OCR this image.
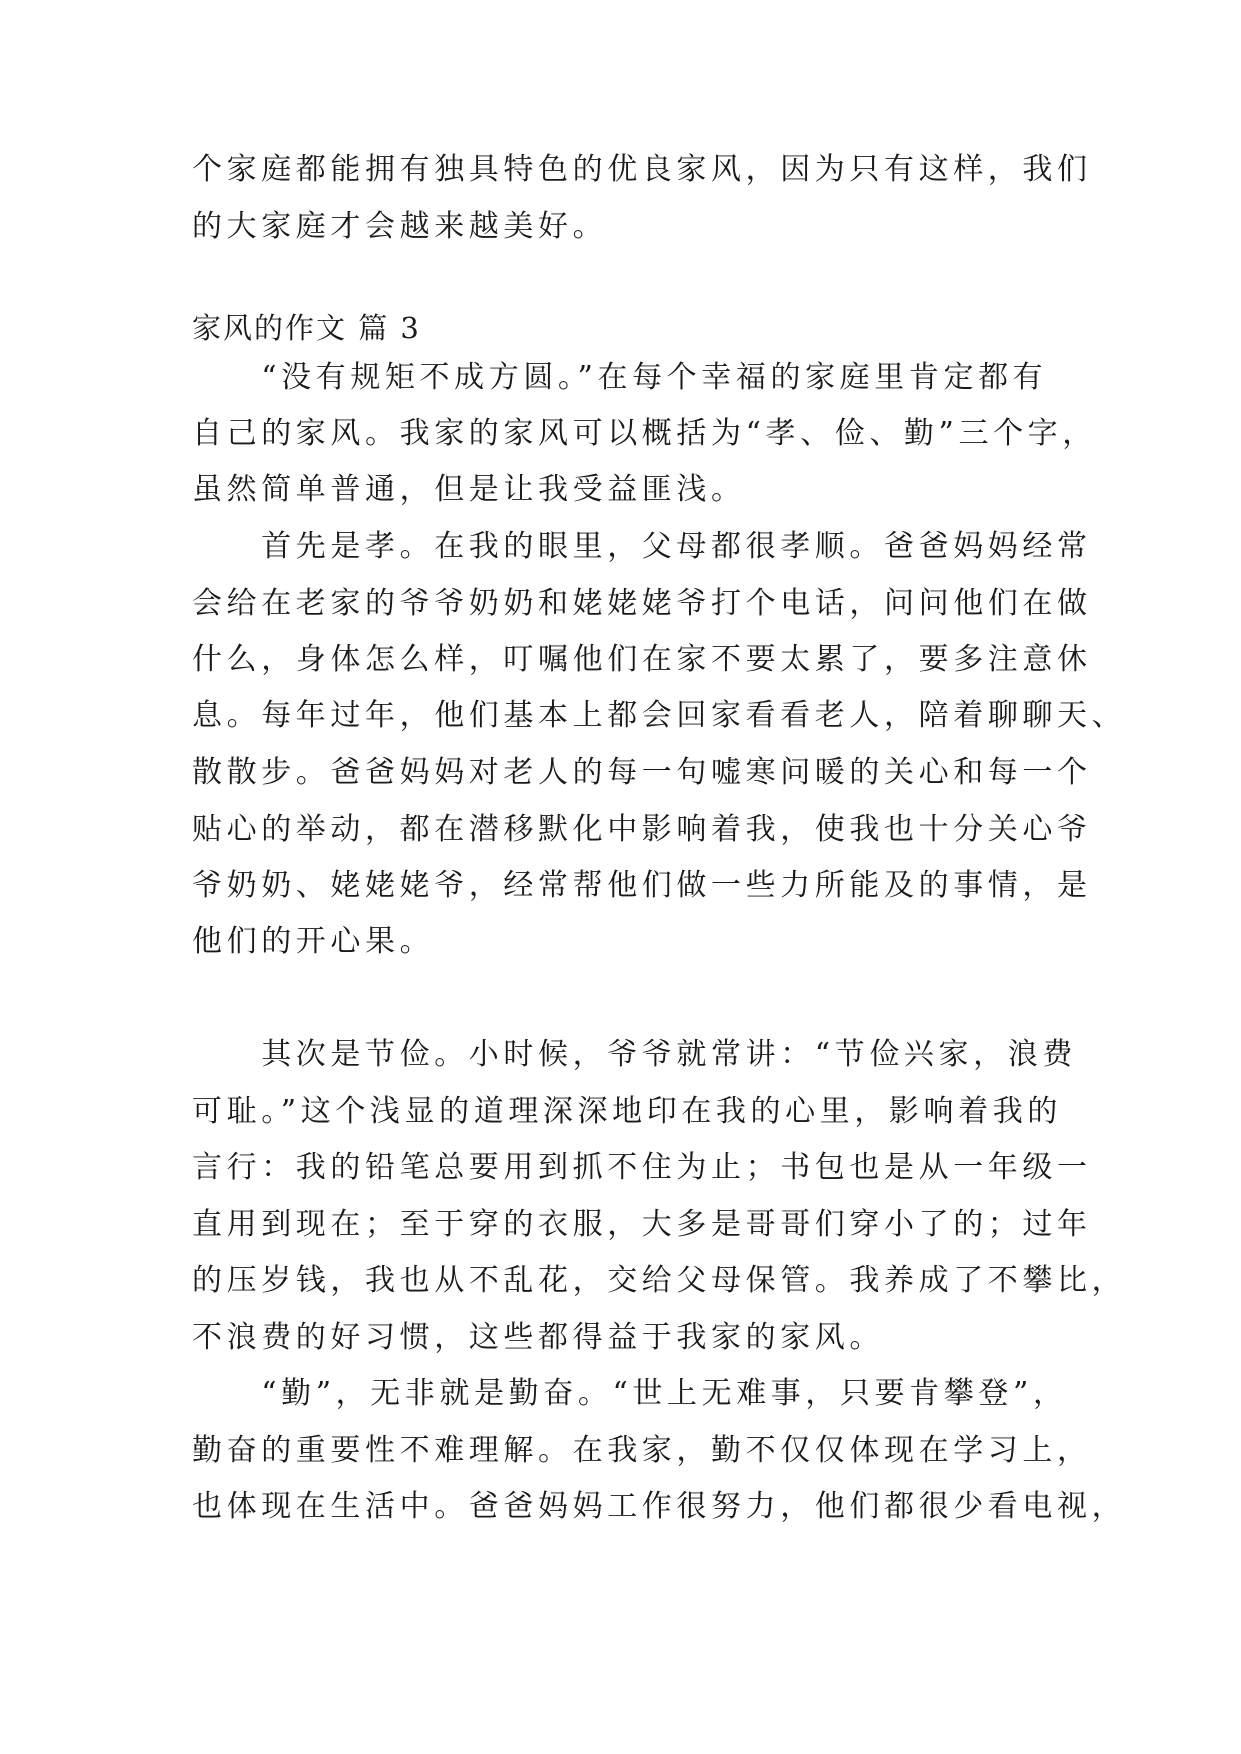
个家庭都能拥有独具特色的优良家风，因为只有这样，我们
的大家庭才会越来越美好。
家风的作文 篇 3
　　“没有规矩不成方圆。”在每个幸福的家庭里肯定都有
自己的家风。我家的家风可以概括为“孝、俭、勤”三个字，
虽然简单普通，但是让我受益匪浅。
　　首先是孝。在我的眼里，父母都很孝顺。爸爸妈妈经常
会给在老家的爷爷奶奶和姥姥姥爷打个电话，问问他们在做
什么，身体怎么样，叮嘱他们在家不要太累了，要多注意休
息。每年过年，他们基本上都会回家看看老人，陪着聊聊天、
散散步。爸爸妈妈对老人的每一句嘘寒问暖的关心和每一个
贴心的举动，都在潜移默化中影响着我，使我也十分关心爷
爷奶奶、姥姥姥爷，经常帮他们做一些力所能及的事情，是
他们的开心果。
　　其次是节俭。小时候，爷爷就常讲：“节俭兴家，浪费
可耻。”这个浅显的道理深深地印在我的心里，影响着我的
言行：我的铅笔总要用到抓不住为止；书包也是从一年级一
直用到现在；至于穿的衣服，大多是哥哥们穿小了的；过年
的压岁钱，我也从不乱花，交给父母保管。我养成了不攀比，
不浪费的好习惯，这些都得益于我家的家风。
　　“勤”，无非就是勤奋。“世上无难事，只要肯攀登”，
勤奋的重要性不难理解。在我家，勤不仅仅体现在学习上，
也体现在生活中。爸爸妈妈工作很努力，他们都很少看电视，
